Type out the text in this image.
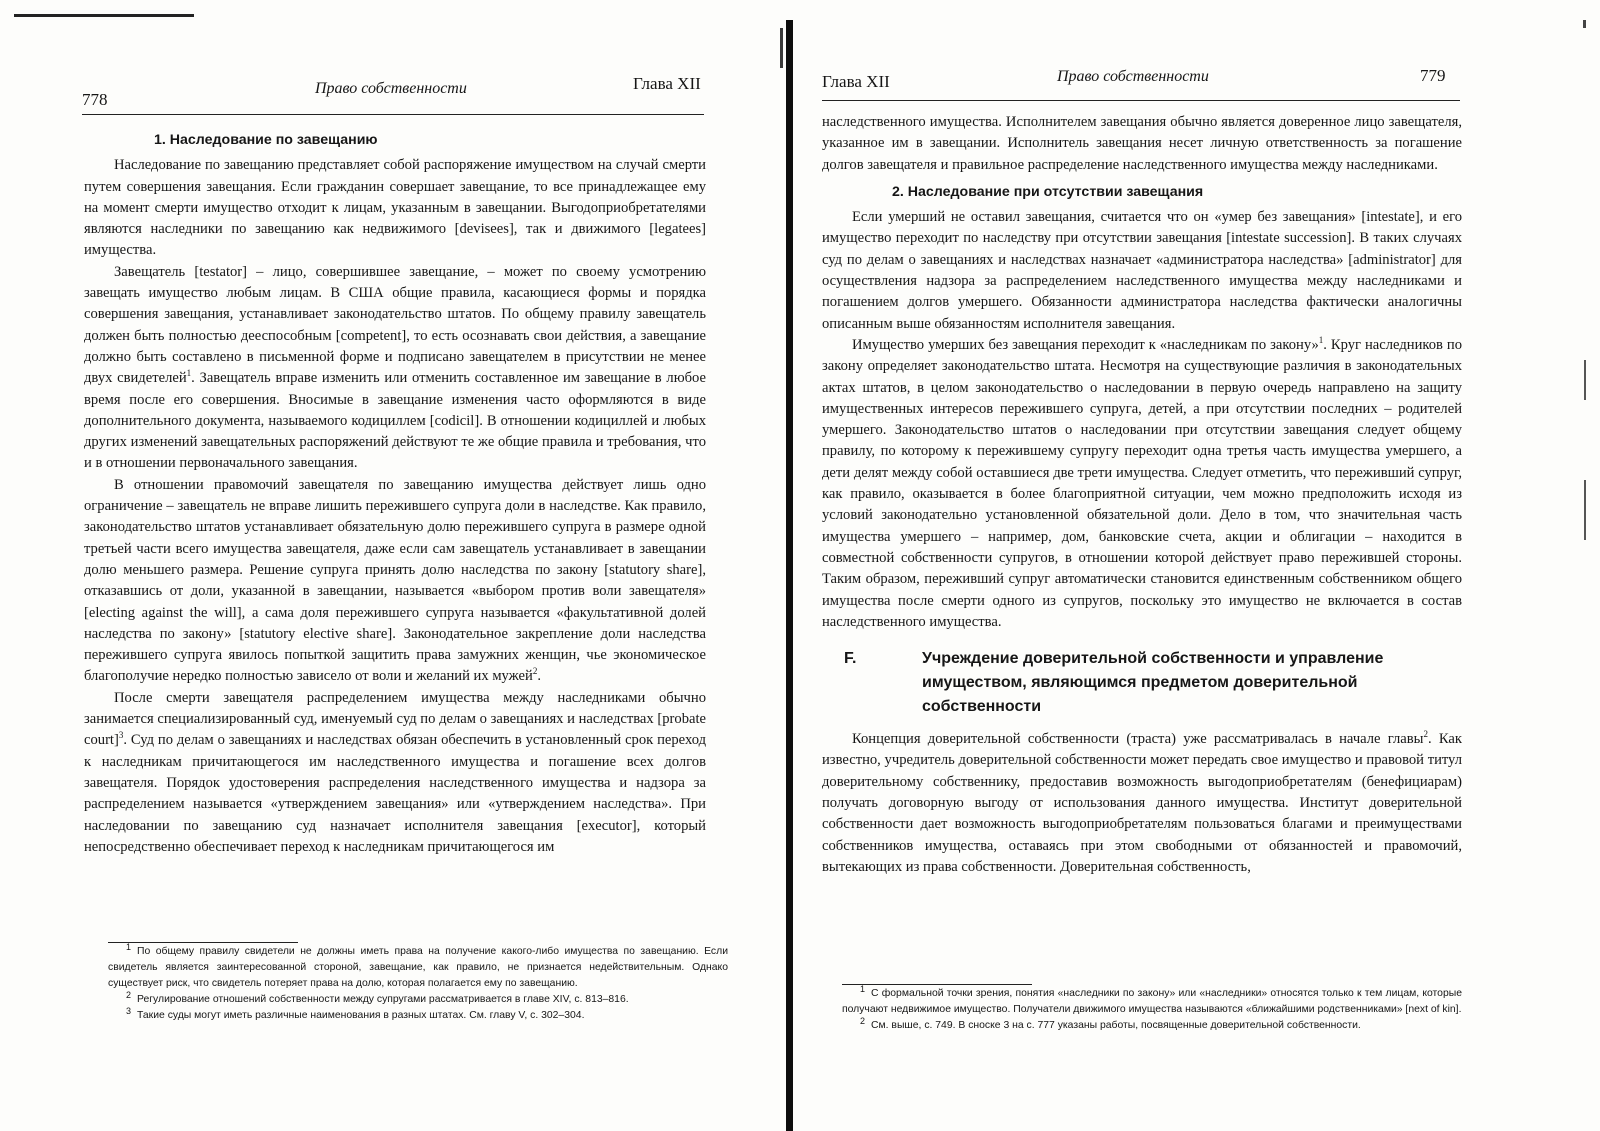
778
Право собственности	Глава XII
1. Наследование по завещанию

Наследование по завещанию представляет собой распоряжение имуществом на случай смерти путем совершения завещания. Если гражданин совершает завещание, то все принадлежащее ему на момент смерти имущество отходит к лицам, указанным в завещании. Выгодоприобретателями являются наследники по завещанию как недвижимого [devisees], так и движимого [legatees] имущества.

Завещатель [testator] – лицо, совершившее завещание, – может по своему усмотрению завещать имущество любым лицам. В США общие правила, касающиеся формы и порядка совершения завещания, устанавливает законодательство штатов. По общему правилу завещатель должен быть полностью дееспособным [competent], то есть осознавать свои действия, а завещание должно быть составлено в письменной форме и подписано завещателем в присутствии не менее двух свидетелей$^1$. Завещатель вправе изменить или отменить составленное им завещание в любое время после его совершения. Вносимые в завещание изменения часто оформляются в виде дополнительного документа, называемого кодициллем [codicil]. В отношении кодициллей и любых других изменений завещательных распоряжений действуют те же общие правила и требования, что и в отношении первоначального завещания.

В отношении правомочий завещателя по завещанию имущества действует лишь одно ограничение – завещатель не вправе лишить пережившего супруга доли в наследстве. Как правило, законодательство штатов устанавливает обязательную долю пережившего супруга в размере одной третьей части всего имущества завещателя, даже если сам завещатель устанавливает в завещании долю меньшего размера. Решение супруга принять долю наследства по закону [statutory share], отказавшись от доли, указанной в завещании, называется «выбором против воли завещателя» [electing against the will], а сама доля пережившего супруга называется «факультативной долей наследства по закону» [statutory elective share]. Законодательное закрепление доли наследства пережившего супруга явилось попыткой защитить права замужних женщин, чье экономическое благополучие нередко полностью зависело от воли и желаний их мужей$^2$.

После смерти завещателя распределением имущества между наследниками обычно занимается специализированный суд, именуемый суд по делам о завещаниях и наследствах [probate court]$^3$. Суд по делам о завещаниях и наследствах обязан обеспечить в установленный срок переход к наследникам причитающегося им наследственного имущества и погашение всех долгов завещателя. Порядок удостоверения распределения наследственного имущества и надзора за распределением называется «утверждением завещания» или «утверждением наследства». При наследовании по завещанию суд назначает исполнителя завещания [executor], который непосредственно обеспечивает переход к наследникам причитающегося им

1 По общему правилу свидетели не должны иметь права на получение какого-либо имущества по завещанию. Если свидетель является заинтересованной стороной, завещание, как правило, не признается недействительным. Однако существует риск, что свидетель потеряет права на долю, которая полагается ему по завещанию.

2 Регулирование отношений собственности между супругами рассматривается в главе XIV, с. 813–816.

3 Такие суды могут иметь различные наименования в разных штатах. См. главу V, с. 302–304.

Глава XII	Право собственности	779

наследственного имущества. Исполнителем завещания обычно является доверенное лицо завещателя, указанное им в завещании. Исполнитель завещания несет личную ответственность за погашение долгов завещателя и правильное распределение наследственного имущества между наследниками.

2. Наследование при отсутствии завещания

Если умерший не оставил завещания, считается что он «умер без завещания» [intestate], и его имущество переходит по наследству при отсутствии завещания [intestate succession]. В таких случаях суд по делам о завещаниях и наследствах назначает «администратора наследства» [administrator] для осуществления надзора за распределением наследственного имущества между наследниками и погашением долгов умершего. Обязанности администратора наследства фактически аналогичны описанным выше обязанностям исполнителя завещания.

Имущество умерших без завещания переходит к «наследникам по закону»$^1$. Круг наследников по закону определяет законодательство штата. Несмотря на существующие различия в законодательных актах штатов, в целом законодательство о наследовании в первую очередь направлено на защиту имущественных интересов пережившего супруга, детей, а при отсутствии последних – родителей умершего. Законодательство штатов о наследовании при отсутствии завещания следует общему правилу, по которому к пережившему супругу переходит одна третья часть имущества умершего, а дети делят между собой оставшиеся две трети имущества. Следует отметить, что переживший супруг, как правило, оказывается в более благоприятной ситуации, чем можно предположить исходя из условий законодательно установленной обязательной доли. Дело в том, что значительная часть имущества умершего – например, дом, банковские счета, акции и облигации – находится в совместной собственности супругов, в отношении которой действует право пережившей стороны. Таким образом, переживший супруг автоматически становится единственным собственником общего имущества после смерти одного из супругов, поскольку это имущество не включается в состав наследственного имущества.

F.	Учреждение доверительной собственности и управление имуществом, являющимся предметом доверительной собственности

Концепция доверительной собственности (траста) уже рассматривалась в начале главы$^2$. Как известно, учредитель доверительной собственности может передать свое имущество и правовой титул доверительному собственнику, предоставив возможность выгодоприобретателям (бенефициарам) получать договорную выгоду от использования данного имущества. Институт доверительной собственности дает возможность выгодоприобретателям пользоваться благами и преимуществами собственников имущества, оставаясь при этом свободными от обязанностей и правомочий, вытекающих из права собственности. Доверительная собственность,

1 С формальной точки зрения, понятия «наследники по закону» или «наследники» относятся только к тем лицам, которые получают недвижимое имущество. Получатели движимого имущества называются «ближайшими родственниками» [next of kin].

2 См. выше, с. 749. В сноске 3 на с. 777 указаны работы, посвященные доверительной собственности.
